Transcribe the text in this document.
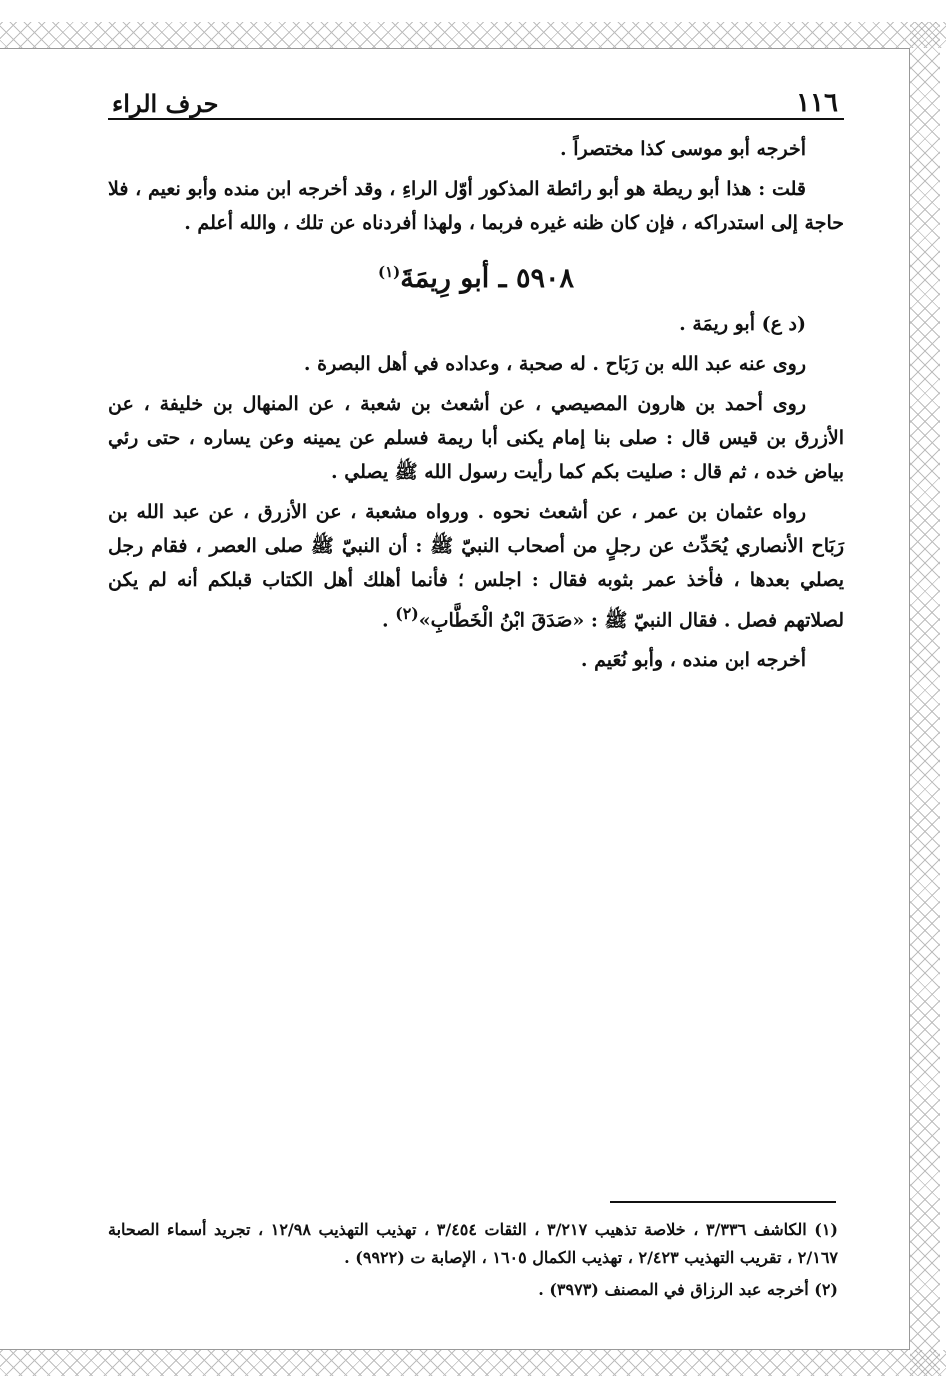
١١٦
حرف الراء

أخرجه أبو موسى كذا مختصراً .

قلت : هذا أبو ريطة هو أبو رائطة المذكور أوّل الراءِ ، وقد أخرجه ابن منده وأبو نعيم ، فلا حاجة إلى استدراكه ، فإن كان ظنه غيره فربما ، ولهذا أفردناه عن تلك ، والله أعلم .

٥٩٠٨ ـ أبو رِيمَةَ$^{(١)}$

(د ع) أبو ريمَة .

روى عنه عبد الله بن رَبَاح . له صحبة ، وعداده في أهل البصرة .

روى أحمد بن هارون المصيصي ، عن أشعث بن شعبة ، عن المنهال بن خليفة ، عن الأزرق بن قيس قال : صلى بنا إمام يكنى أبا ريمة فسلم عن يمينه وعن يساره ، حتى رئي بياض خده ، ثم قال : صليت بكم كما رأيت رسول الله ﷺ يصلي .

رواه عثمان بن عمر ، عن أشعث نحوه . ورواه مشعبة ، عن الأزرق ، عن عبد الله بن رَبَاح الأنصاري يُحَدِّث عن رجلٍ من أصحاب النبيّ ﷺ : أن النبيّ ﷺ صلى العصر ، فقام رجل يصلي بعدها ، فأخذ عمر بثوبه فقال : اجلس ؛ فأنما أهلك أهل الكتاب قبلكم أنه لم يكن لصلاتهم فصل . فقال النبيّ ﷺ : «صَدَقَ ابْنُ الْخَطَّابِ»$^{(٢)}$ .

أخرجه ابن منده ، وأبو نُعَيم .

(١) الكاشف ٣/٣٣٦ ، خلاصة تذهيب ٣/٢١٧ ، الثقات ٣/٤٥٤ ، تهذيب التهذيب ١٢/٩٨ ، تجريد أسماء الصحابة ٢/١٦٧ ، تقريب التهذيب ٢/٤٢٣ ، تهذيب الكمال ١٦٠٥ ، الإصابة ت (٩٩٢٢) .

(٢) أخرجه عبد الرزاق في المصنف (٣٩٧٣) .
